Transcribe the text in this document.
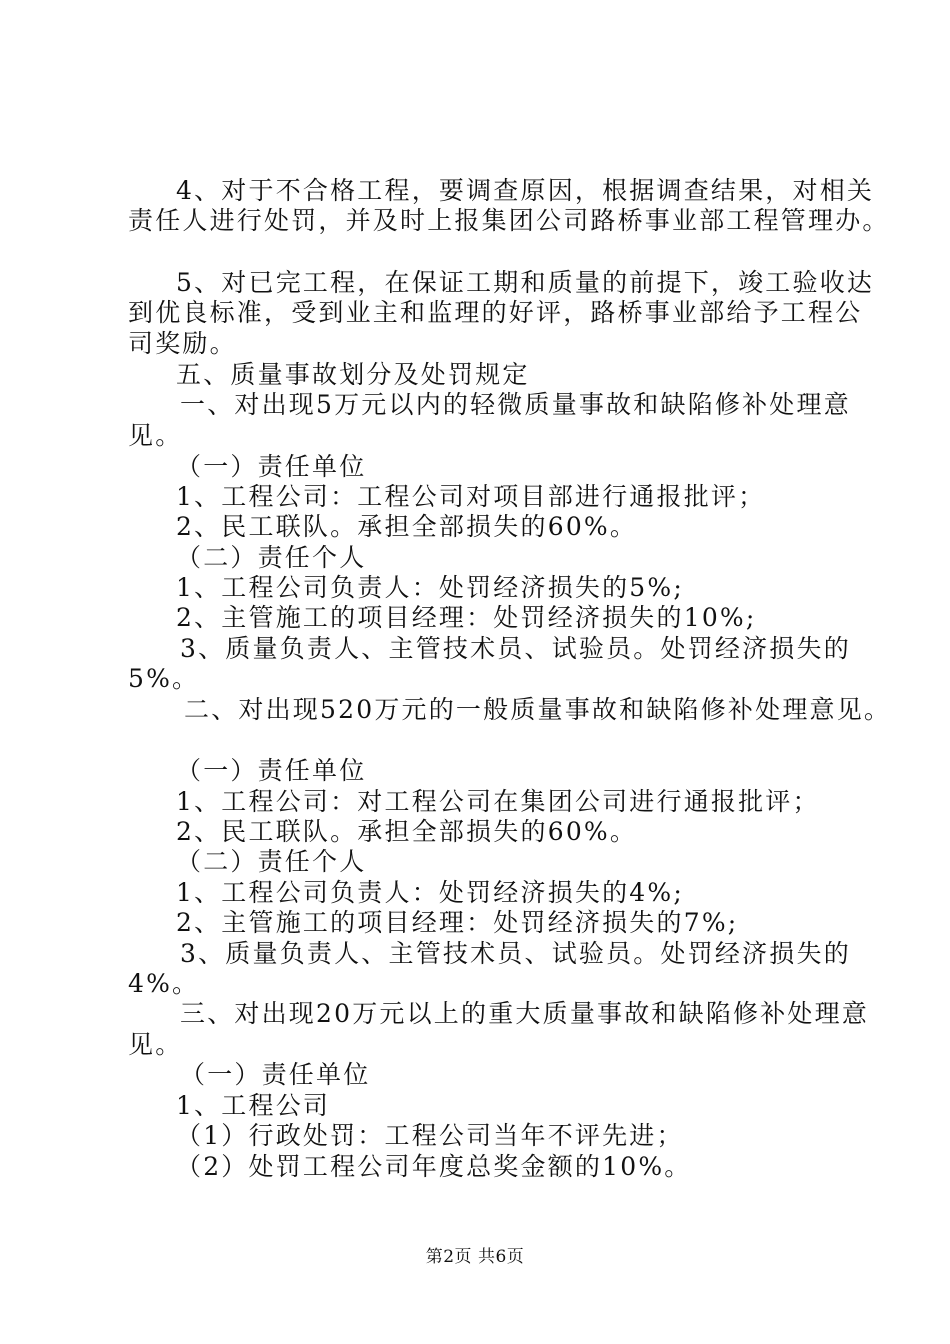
4、对于不合格工程，要调查原因，根据调查结果，对相关
责任人进行处罚，并及时上报集团公司路桥事业部工程管理办。
5、对已完工程，在保证工期和质量的前提下，竣工验收达
到优良标准，受到业主和监理的好评，路桥事业部给予工程公
司奖励。
五、质量事故划分及处罚规定
一、对出现5万元以内的轻微质量事故和缺陷修补处理意
见。
（一）责任单位
1、工程公司：工程公司对项目部进行通报批评；
2、民工联队。承担全部损失的60%。
（二）责任个人
1、工程公司负责人：处罚经济损失的5%;
2、主管施工的项目经理：处罚经济损失的10%;
3、质量负责人、主管技术员、试验员。处罚经济损失的
5%。
二、对出现520万元的一般质量事故和缺陷修补处理意见。
（一）责任单位
1、工程公司：对工程公司在集团公司进行通报批评；
2、民工联队。承担全部损失的60%。
（二）责任个人
1、工程公司负责人：处罚经济损失的4%;
2、主管施工的项目经理：处罚经济损失的7%;
3、质量负责人、主管技术员、试验员。处罚经济损失的
4%。
三、对出现20万元以上的重大质量事故和缺陷修补处理意
见。
（一）责任单位
1、工程公司
（1）行政处罚：工程公司当年不评先进；
（2）处罚工程公司年度总奖金额的10%。
第2页 共6页
